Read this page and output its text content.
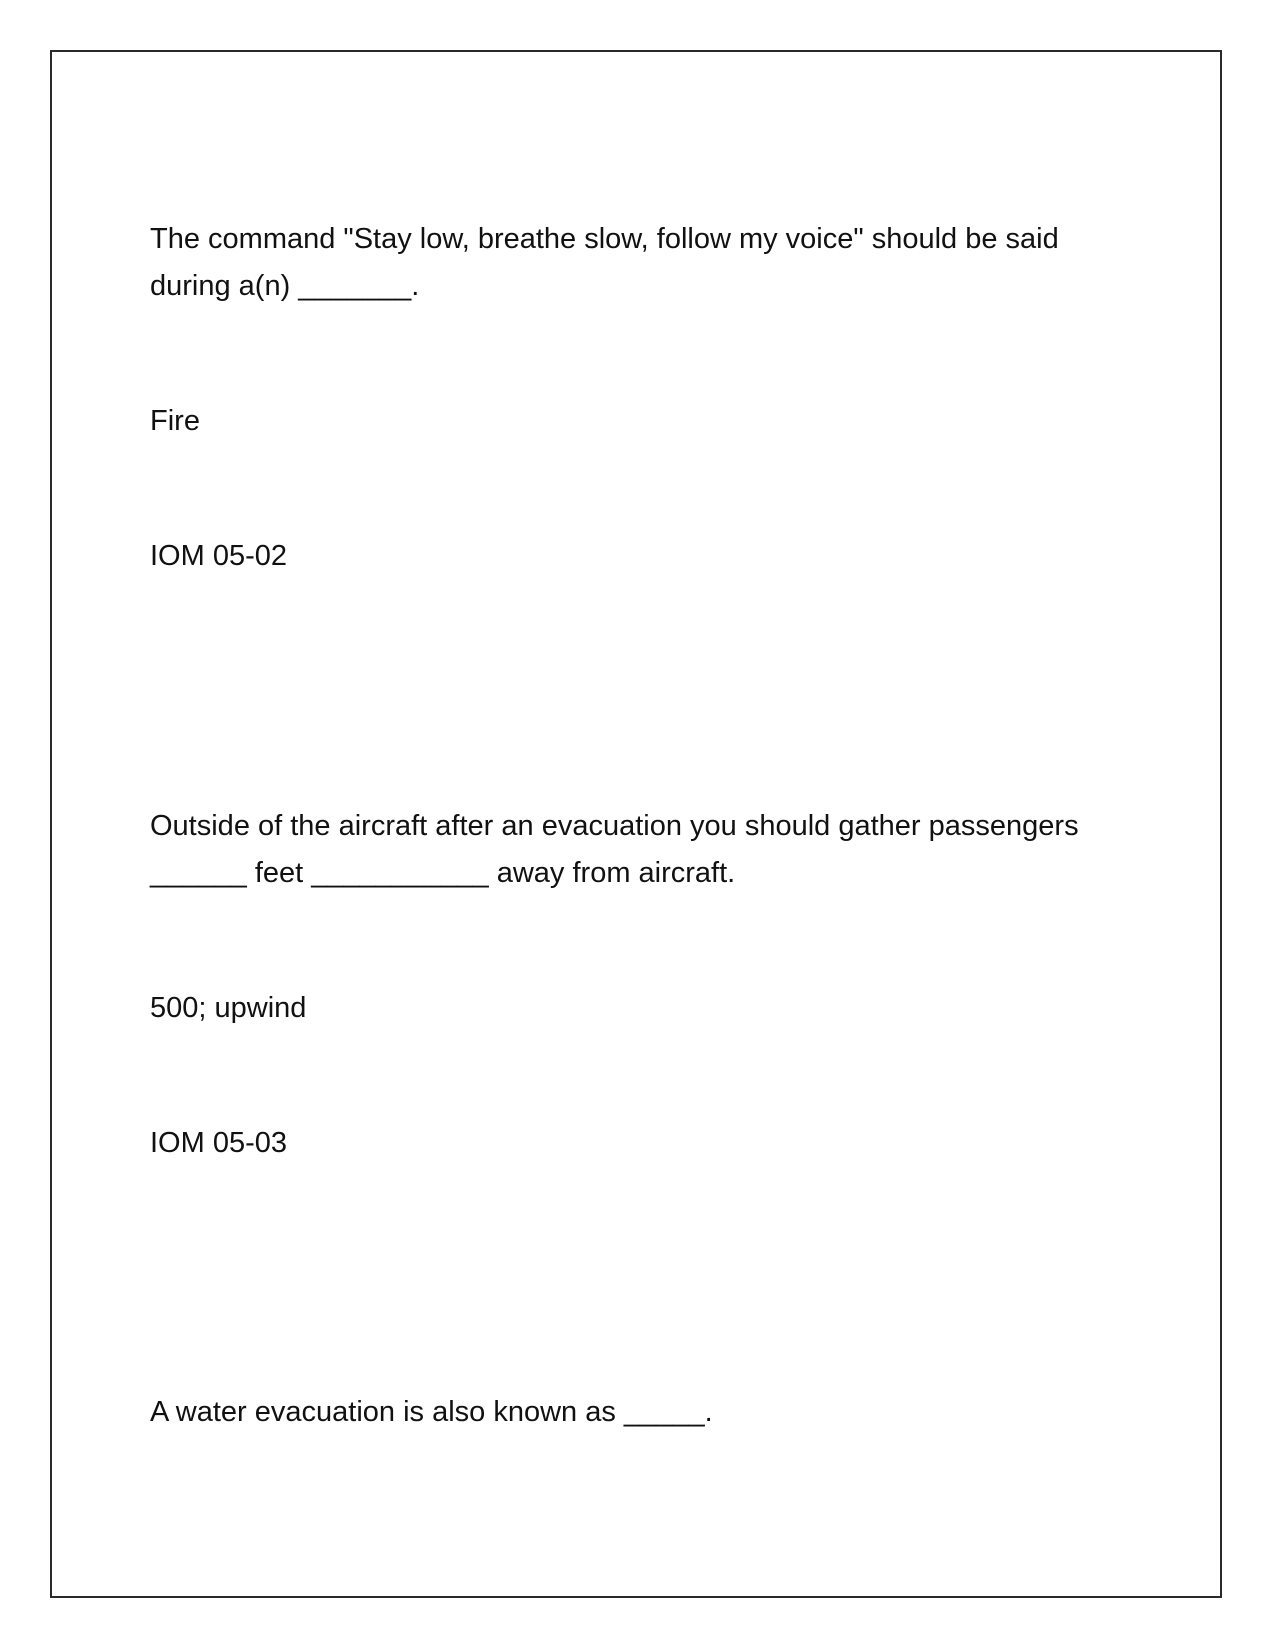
The command "Stay low, breathe slow, follow my voice" should be said
during a(n) _______.
Fire
IOM 05-02
Outside of the aircraft after an evacuation you should gather passengers
______ feet ___________ away from aircraft.
500; upwind
IOM 05-03
A water evacuation is also known as _____.
